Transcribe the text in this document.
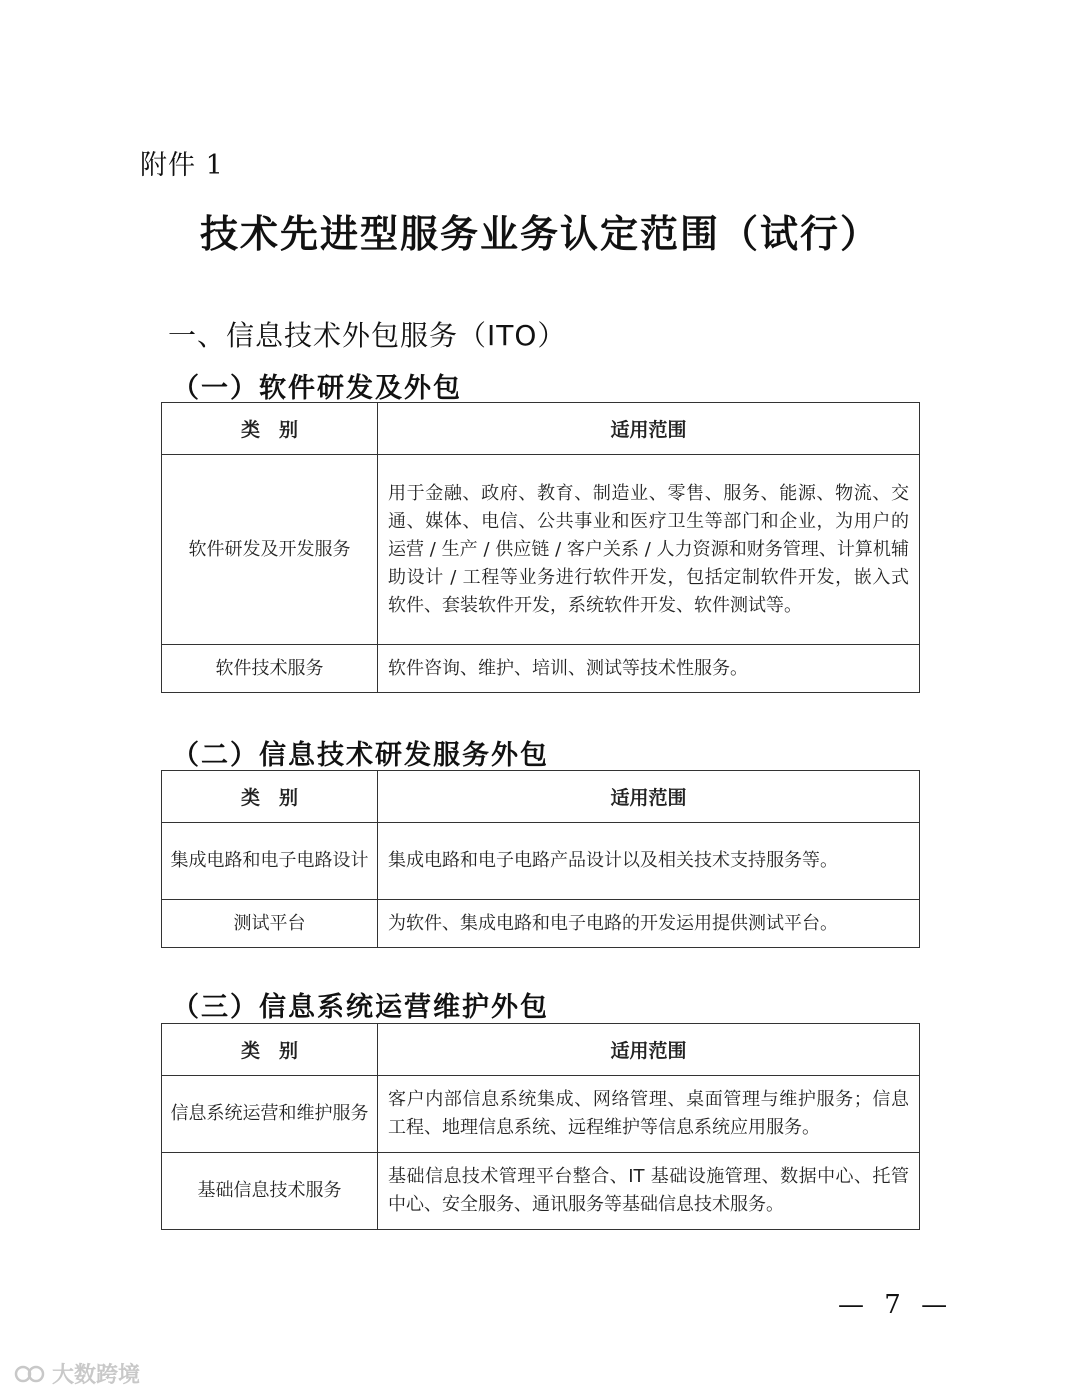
附件 1
技术先进型服务业务认定范围（试行）
一、信息技术外包服务（ITO）
（一）软件研发及外包
类　别	适用范围
软件研发及开发服务	用于金融、政府、教育、制造业、零售、服务、能源、物流、交通、媒体、电信、公共事业和医疗卫生等部门和企业，为用户的运营 / 生产 / 供应链 / 客户关系 / 人力资源和财务管理、计算机辅助设计 / 工程等业务进行软件开发，包括定制软件开发，嵌入式软件、套装软件开发，系统软件开发、软件测试等。
软件技术服务	软件咨询、维护、培训、测试等技术性服务。
（二）信息技术研发服务外包
类　别	适用范围
集成电路和电子电路设计	集成电路和电子电路产品设计以及相关技术支持服务等。
测试平台	为软件、集成电路和电子电路的开发运用提供测试平台。
（三）信息系统运营维护外包
类　别	适用范围
信息系统运营和维护服务	客户内部信息系统集成、网络管理、桌面管理与维护服务；信息工程、地理信息系统、远程维护等信息系统应用服务。
基础信息技术服务	基础信息技术管理平台整合、IT 基础设施管理、数据中心、托管中心、安全服务、通讯服务等基础信息技术服务。
— 7 —
大数跨境
